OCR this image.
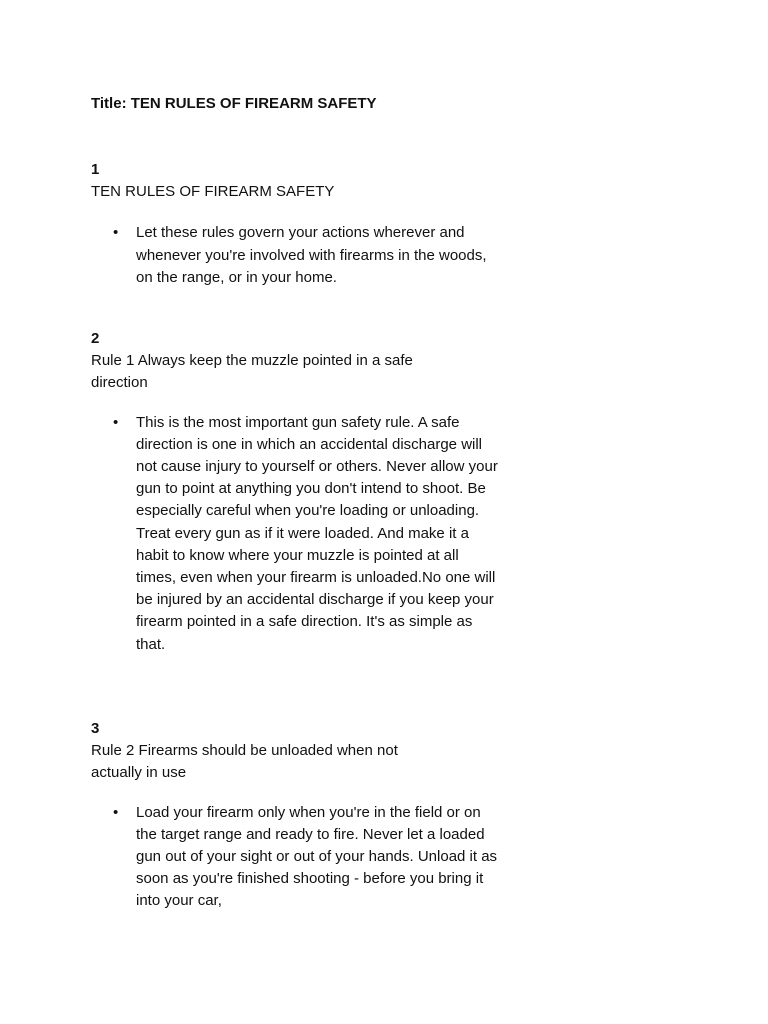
Title: TEN RULES OF FIREARM SAFETY

1

TEN RULES OF FIREARM SAFETY

• Let these rules govern your actions wherever and whenever you're involved with firearms in the woods, on the range, or in your home.

2

Rule 1 Always keep the muzzle pointed in a safe direction

• This is the most important gun safety rule. A safe direction is one in which an accidental discharge will not cause injury to yourself or others. Never allow your gun to point at anything you don't intend to shoot. Be especially careful when you're loading or unloading. Treat every gun as if it were loaded. And make it a habit to know where your muzzle is pointed at all times, even when your firearm is unloaded.No one will be injured by an accidental discharge if you keep your firearm pointed in a safe direction. It's as simple as that.

3

Rule 2 Firearms should be unloaded when not actually in use

• Load your firearm only when you're in the field or on the target range and ready to fire. Never let a loaded gun out of your sight or out of your hands. Unload it as soon as you're finished shooting - before you bring it into your car,
